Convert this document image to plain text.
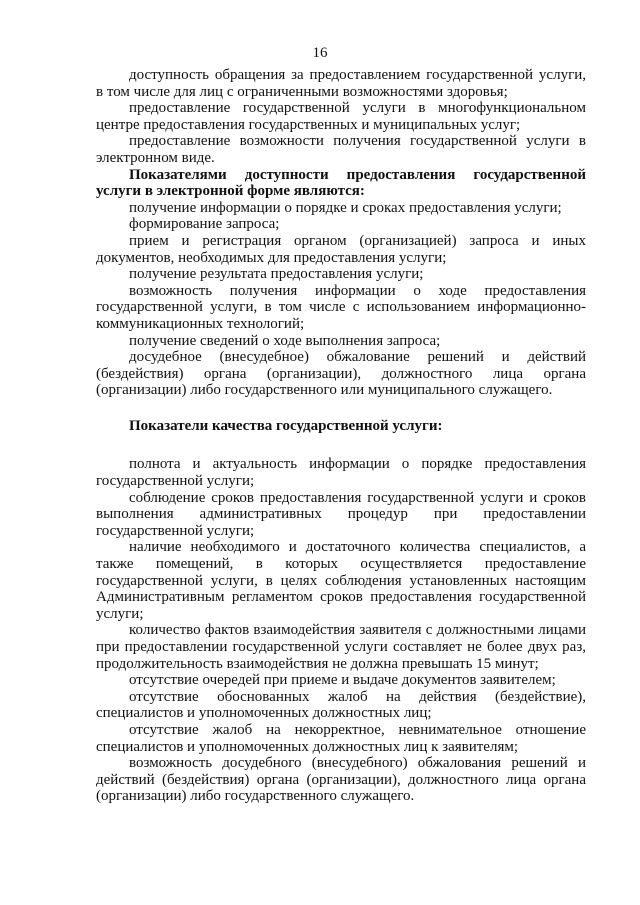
16

доступность обращения за предоставлением государственной услуги, в том числе для лиц с ограниченными возможностями здоровья;

предоставление государственной услуги в многофункциональном центре предоставления государственных и муниципальных услуг;

предоставление возможности получения государственной услуги в электронном виде.

Показателями доступности предоставления государственной услуги в электронной форме являются:

получение информации о порядке и сроках предоставления услуги;

формирование запроса;

прием и регистрация органом (организацией) запроса и иных документов, необходимых для предоставления услуги;

получение результата предоставления услуги;

возможность получения информации о ходе предоставления государственной услуги, в том числе с использованием информационно-коммуникационных технологий;

получение сведений о ходе выполнения запроса;

досудебное (внесудебное) обжалование решений и действий (бездействия) органа (организации), должностного лица органа (организации) либо государственного или муниципального служащего.

Показатели качества государственной услуги:

полнота и актуальность информации о порядке предоставления государственной услуги;

соблюдение сроков предоставления государственной услуги и сроков выполнения административных процедур при предоставлении государственной услуги;

наличие необходимого и достаточного количества специалистов, а также помещений, в которых осуществляется предоставление государственной услуги, в целях соблюдения установленных настоящим Административным регламентом сроков предоставления государственной услуги;

количество фактов взаимодействия заявителя с должностными лицами при предоставлении государственной услуги составляет не более двух раз, продолжительность взаимодействия не должна превышать 15 минут;

отсутствие очередей при приеме и выдаче документов заявителем;

отсутствие обоснованных жалоб на действия (бездействие), специалистов и уполномоченных должностных лиц;

отсутствие жалоб на некорректное, невнимательное отношение специалистов и уполномоченных должностных лиц к заявителям;

возможность досудебного (внесудебного) обжалования решений и действий (бездействия) органа (организации), должностного лица органа (организации) либо государственного служащего.
